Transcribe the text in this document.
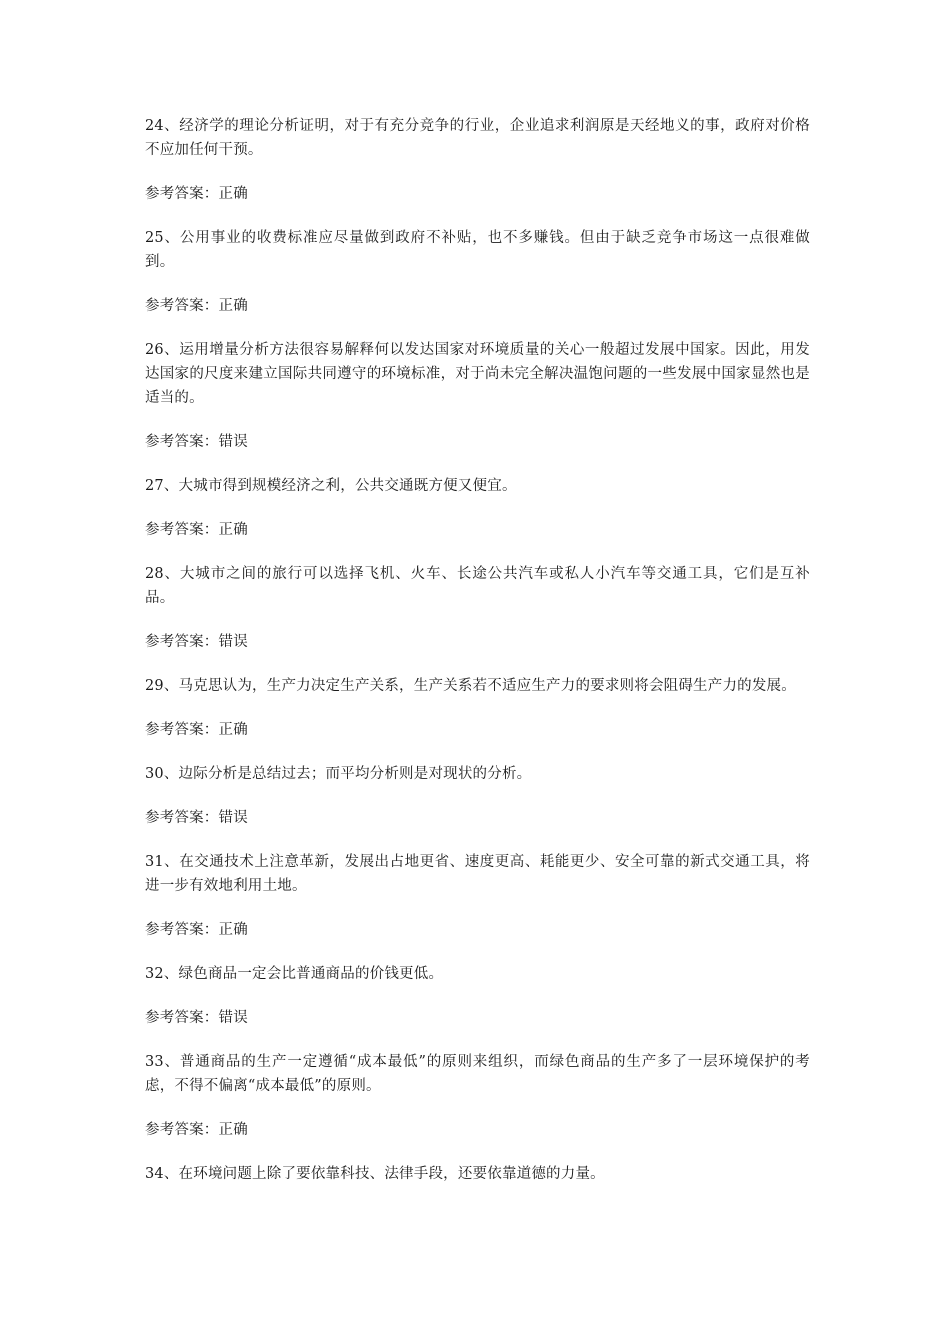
24、经济学的理论分析证明，对于有充分竞争的行业，企业追求利润原是天经地义的事，政府对价格不应加任何干预。
参考答案：正确
25、公用事业的收费标准应尽量做到政府不补贴，也不多赚钱。但由于缺乏竞争市场这一点很难做到。
参考答案：正确
26、运用增量分析方法很容易解释何以发达国家对环境质量的关心一般超过发展中国家。因此，用发达国家的尺度来建立国际共同遵守的环境标准，对于尚未完全解决温饱问题的一些发展中国家显然也是适当的。
参考答案：错误
27、大城市得到规模经济之利，公共交通既方便又便宜。
参考答案：正确
28、大城市之间的旅行可以选择飞机、火车、长途公共汽车或私人小汽车等交通工具，它们是互补品。
参考答案：错误
29、马克思认为，生产力决定生产关系，生产关系若不适应生产力的要求则将会阻碍生产力的发展。
参考答案：正确
30、边际分析是总结过去；而平均分析则是对现状的分析。
参考答案：错误
31、在交通技术上注意革新，发展出占地更省、速度更高、耗能更少、安全可靠的新式交通工具，将进一步有效地利用土地。
参考答案：正确
32、绿色商品一定会比普通商品的价钱更低。
参考答案：错误
33、普通商品的生产一定遵循“成本最低”的原则来组织，而绿色商品的生产多了一层环境保护的考虑，不得不偏离“成本最低”的原则。
参考答案：正确
34、在环境问题上除了要依靠科技、法律手段，还要依靠道德的力量。
